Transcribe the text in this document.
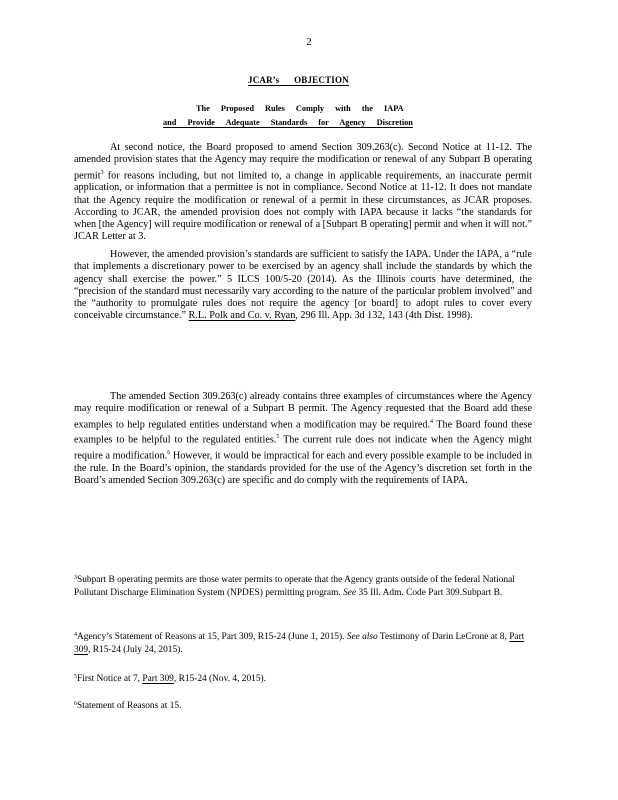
2
JCAR’s      OBJECTION
The Proposed Rules Comply with the IAPA
and Provide Adequate Standards for Agency Discretion
At second notice, the Board proposed to amend Section 309.263(c). Second Notice at 11-12. The amended provision states that the Agency may require the modification or renewal of any Subpart B operating permit$^3$ for reasons including, but not limited to, a change in applicable requirements, an inaccurate permit application, or information that a permittee is not in compliance. Second Notice at 11-12. It does not mandate that the Agency require the modification or renewal of a permit in these circumstances, as JCAR proposes. According to JCAR, the amended provision does not comply with IAPA because it lacks “the standards for when [the Agency] will require modification or renewal of a [Subpart B operating] permit and when it will not.” JCAR Letter at 3.
However, the amended provision’s standards are sufficient to satisfy the IAPA. Under the IAPA, a “rule that implements a discretionary power to be exercised by an agency shall include the standards by which the agency shall exercise the power.” 5 ILCS 100/5-20 (2014). As the Illinois courts have determined, the “precision of the standard must necessarily vary according to the nature of the particular problem involved” and the “authority to promulgate rules does not require the agency [or board] to adopt rules to cover every conceivable circumstance.” R.L. Polk and Co. v. Ryan, 296 Ill. App. 3d 132, 143 (4th Dist. 1998).
The amended Section 309.263(c) already contains three examples of circumstances where the Agency may require modification or renewal of a Subpart B permit. The Agency requested that the Board add these examples to help regulated entities understand when a modification may be required.$^4$ The Board found these examples to be helpful to the regulated entities.$^5$ The current rule does not indicate when the Agency might require a modification.$^6$ However, it would be impractical for each and every possible example to be included in the rule. In the Board’s opinion, the standards provided for the use of the Agency’s discretion set forth in the Board’s amended Section 309.263(c) are specific and do comply with the requirements of IAPA.
$^3$Subpart B operating permits are those water permits to operate that the Agency grants outside of the federal National Pollutant Discharge Elimination System (NPDES) permitting program. See 35 Ill. Adm. Code Part 309.Subpart B.
$^4$Agency’s Statement of Reasons at 15, Part 309, R15-24 (June 1, 2015). See also Testimony of Darin LeCrone at 8, Part 309, R15-24 (July 24, 2015).
$^5$First Notice at 7, Part 309, R15-24 (Nov. 4, 2015).
$^6$Statement of Reasons at 15.
